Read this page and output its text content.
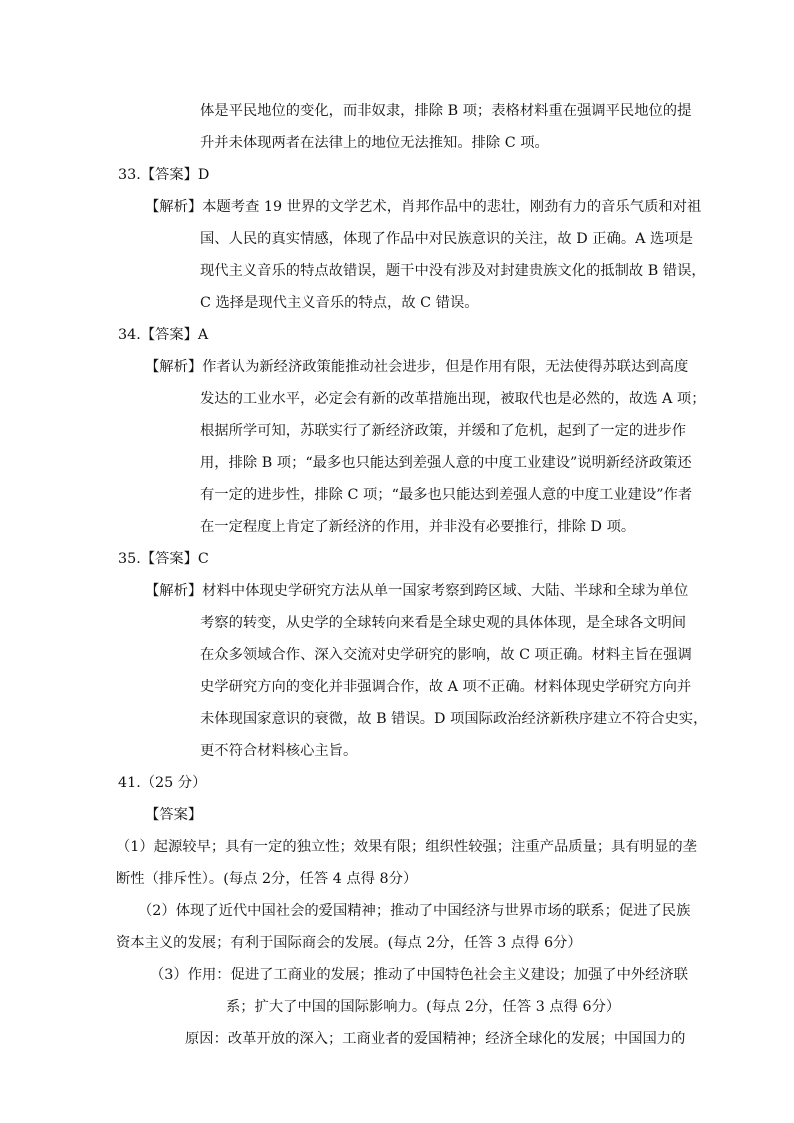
体是平民地位的变化，而非奴隶，排除 B 项；表格材料重在强调平民地位的提
升并未体现两者在法律上的地位无法推知。排除 C 项。
33.【答案】D
【解析】本题考查 19 世界的文学艺术，肖邦作品中的悲壮，刚劲有力的音乐气质和对祖
国、人民的真实情感，体现了作品中对民族意识的关注，故 D 正确。A 选项是
现代主义音乐的特点故错误，题干中没有涉及对封建贵族文化的抵制故 B 错误，
C 选择是现代主义音乐的特点，故 C 错误。
34.【答案】A
【解析】作者认为新经济政策能推动社会进步，但是作用有限，无法使得苏联达到高度
发达的工业水平，必定会有新的改革措施出现，被取代也是必然的，故选 A 项；
根据所学可知，苏联实行了新经济政策，并缓和了危机，起到了一定的进步作
用，排除 B 项；“最多也只能达到差强人意的中度工业建设”说明新经济政策还
有一定的进步性，排除 C 项；“最多也只能达到差强人意的中度工业建设”作者
在一定程度上肯定了新经济的作用，并非没有必要推行，排除 D 项。
35.【答案】C
【解析】材料中体现史学研究方法从单一国家考察到跨区域、大陆、半球和全球为单位
考察的转变，从史学的全球转向来看是全球史观的具体体现，是全球各文明间
在众多领域合作、深入交流对史学研究的影响，故 C 项正确。材料主旨在强调
史学研究方向的变化并非强调合作，故 A 项不正确。材料体现史学研究方向并
未体现国家意识的衰微，故 B 错误。D 项国际政治经济新秩序建立不符合史实，
更不符合材料核心主旨。
41.（25 分）
【答案】
（1）起源较早；具有一定的独立性；效果有限；组织性较强；注重产品质量；具有明显的垄
断性（排斥性）。(每点 2分，任答 4 点得 8分）
（2）体现了近代中国社会的爱国精神；推动了中国经济与世界市场的联系；促进了民族
资本主义的发展；有利于国际商会的发展。(每点 2分，任答 3 点得 6分）
（3）作用：促进了工商业的发展；推动了中国特色社会主义建设；加强了中外经济联
系；扩大了中国的国际影响力。(每点 2分，任答 3 点得 6分）
原因：改革开放的深入；工商业者的爱国精神；经济全球化的发展；中国国力的
